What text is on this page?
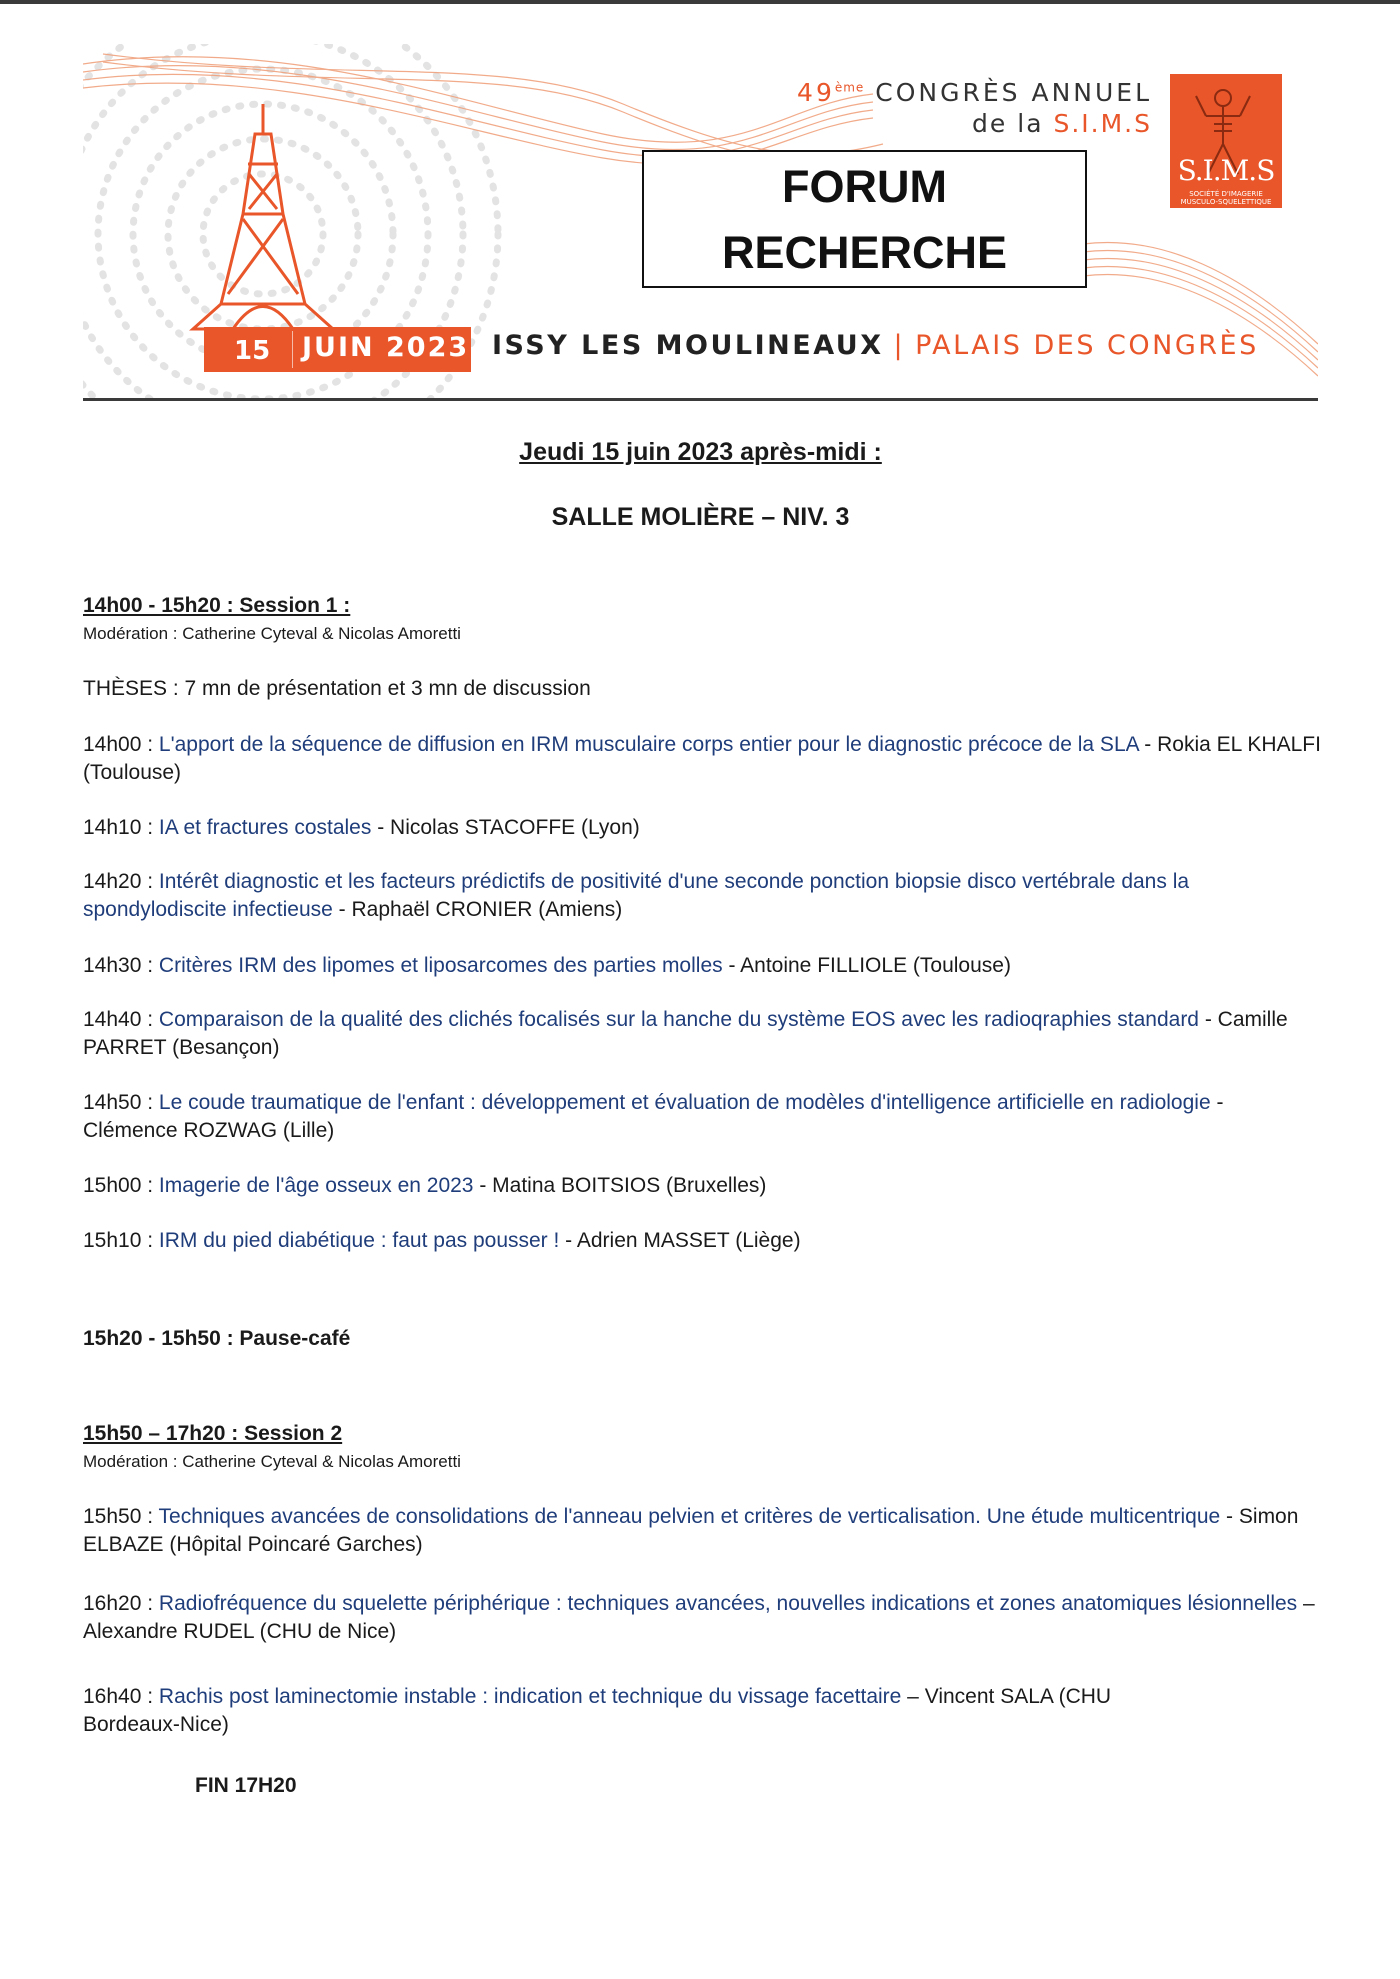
49ème CONGRÈS ANNUEL
de la S.I.M.S
S.I.M.S
SOCIÉTÉ D'IMAGERIE MUSCULO-SQUELETTIQUE
FORUM
RECHERCHE
15 JUIN 2023 ISSY LES MOULINEAUX | PALAIS DES CONGRÈS
Jeudi 15 juin 2023 après-midi :
SALLE MOLIÈRE – NIV. 3
14h00 - 15h20 : Session 1 :
Modération : Catherine Cyteval & Nicolas Amoretti
THÈSES : 7 mn de présentation et 3 mn de discussion
14h00 : L'apport de la séquence de diffusion en IRM musculaire corps entier pour le diagnostic précoce de la SLA - Rokia EL KHALFI (Toulouse)
14h10 : IA et fractures costales - Nicolas STACOFFE (Lyon)
14h20 : Intérêt diagnostic et les facteurs prédictifs de positivité d'une seconde ponction biopsie disco vertébrale dans la spondylodiscite infectieuse - Raphaël CRONIER (Amiens)
14h30 : Critères IRM des lipomes et liposarcomes des parties molles - Antoine FILLIOLE (Toulouse)
14h40 : Comparaison de la qualité des clichés focalisés sur la hanche du système EOS avec les radioqraphies standard - Camille PARRET (Besançon)
14h50 : Le coude traumatique de l'enfant : développement et évaluation de modèles d'intelligence artificielle en radiologie - Clémence ROZWAG (Lille)
15h00 : Imagerie de l'âge osseux en 2023 - Matina BOITSIOS (Bruxelles)
15h10 : IRM du pied diabétique : faut pas pousser ! - Adrien MASSET (Liège)
15h20 - 15h50 : Pause-café
15h50 – 17h20 : Session 2
Modération : Catherine Cyteval & Nicolas Amoretti
15h50 : Techniques avancées de consolidations de l'anneau pelvien et critères de verticalisation. Une étude multicentrique - Simon ELBAZE (Hôpital Poincaré Garches)
16h20 : Radiofréquence du squelette périphérique : techniques avancées, nouvelles indications et zones anatomiques lésionnelles – Alexandre RUDEL (CHU de Nice)
16h40 : Rachis post laminectomie instable : indication et technique du vissage facettaire – Vincent SALA (CHU Bordeaux-Nice)
FIN 17H20
